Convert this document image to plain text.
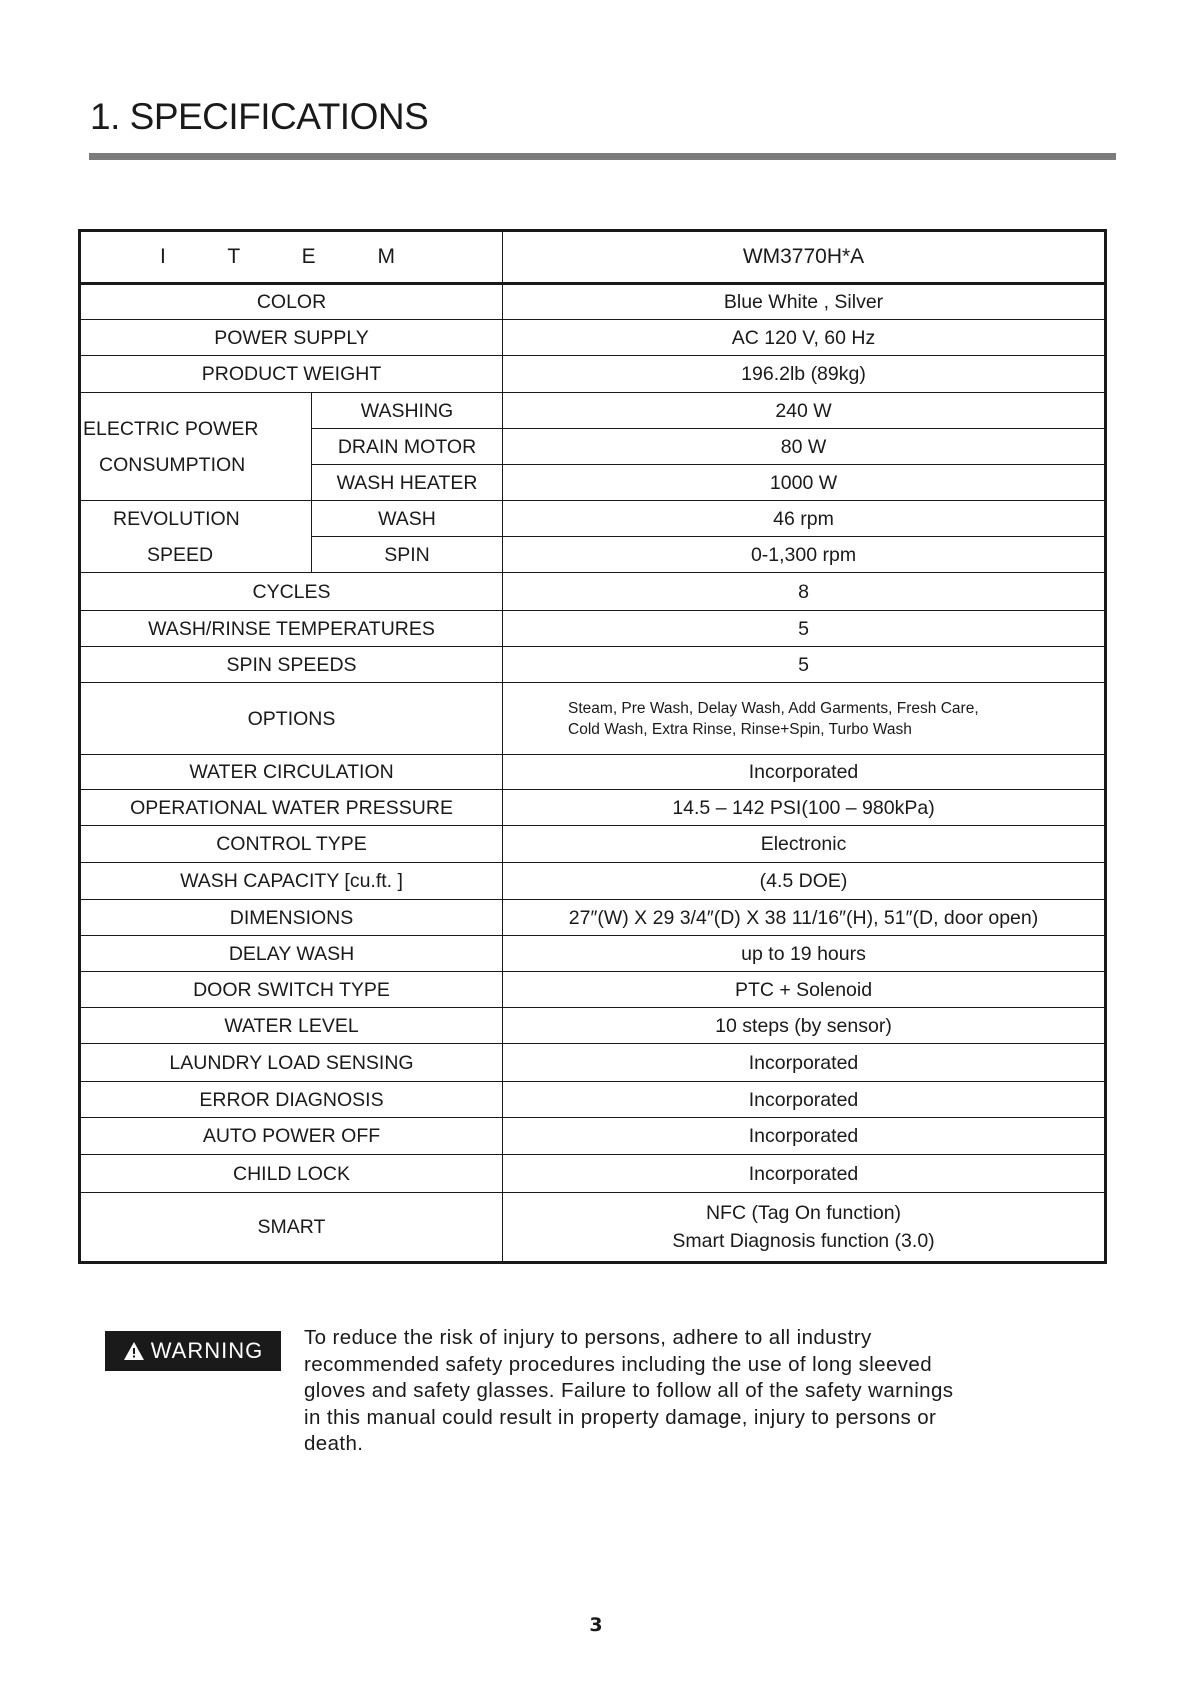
1. SPECIFICATIONS
I T E M		WM3770H*A
COLOR		Blue White , Silver
POWER SUPPLY		AC 120 V, 60 Hz
PRODUCT WEIGHT		196.2lb (89kg)

ELECTRIC POWER
CONSUMPTION	WASHING	240 W
	DRAIN MOTOR	80 W
	WASH HEATER	1000 W

REVOLUTION
SPEED	WASH	46 rpm
	SPIN	0-1,300 rpm
CYCLES		8
WASH/RINSE TEMPERATURES		5
SPIN SPEEDS		5
OPTIONS		Steam, Pre Wash, Delay Wash, Add Garments, Fresh Care,
Cold Wash, Extra Rinse, Rinse+Spin, Turbo Wash

WATER CIRCULATION		Incorporated
OPERATIONAL WATER PRESSURE		14.5 – 142 PSI(100 – 980kPa)
CONTROL TYPE		Electronic
WASH CAPACITY [cu.ft. ]		(4.5 DOE)
DIMENSIONS		27″(W) X 29 3/4″(D) X 38 11/16″(H), 51″(D, door open)
DELAY WASH		up to 19 hours
DOOR SWITCH TYPE		PTC + Solenoid
WATER LEVEL		10 steps (by sensor)
LAUNDRY LOAD SENSING		Incorporated
ERROR DIAGNOSIS		Incorporated
AUTO POWER OFF		Incorporated
CHILD LOCK		Incorporated
SMART		NFC (Tag On function)
Smart Diagnosis function (3.0)
WARNING

To reduce the risk of injury to persons, adhere to all industry recommended safety procedures including the use of long sleeved gloves and safety glasses. Failure to follow all of the safety warnings in this manual could result in property damage, injury to persons or death.

3
